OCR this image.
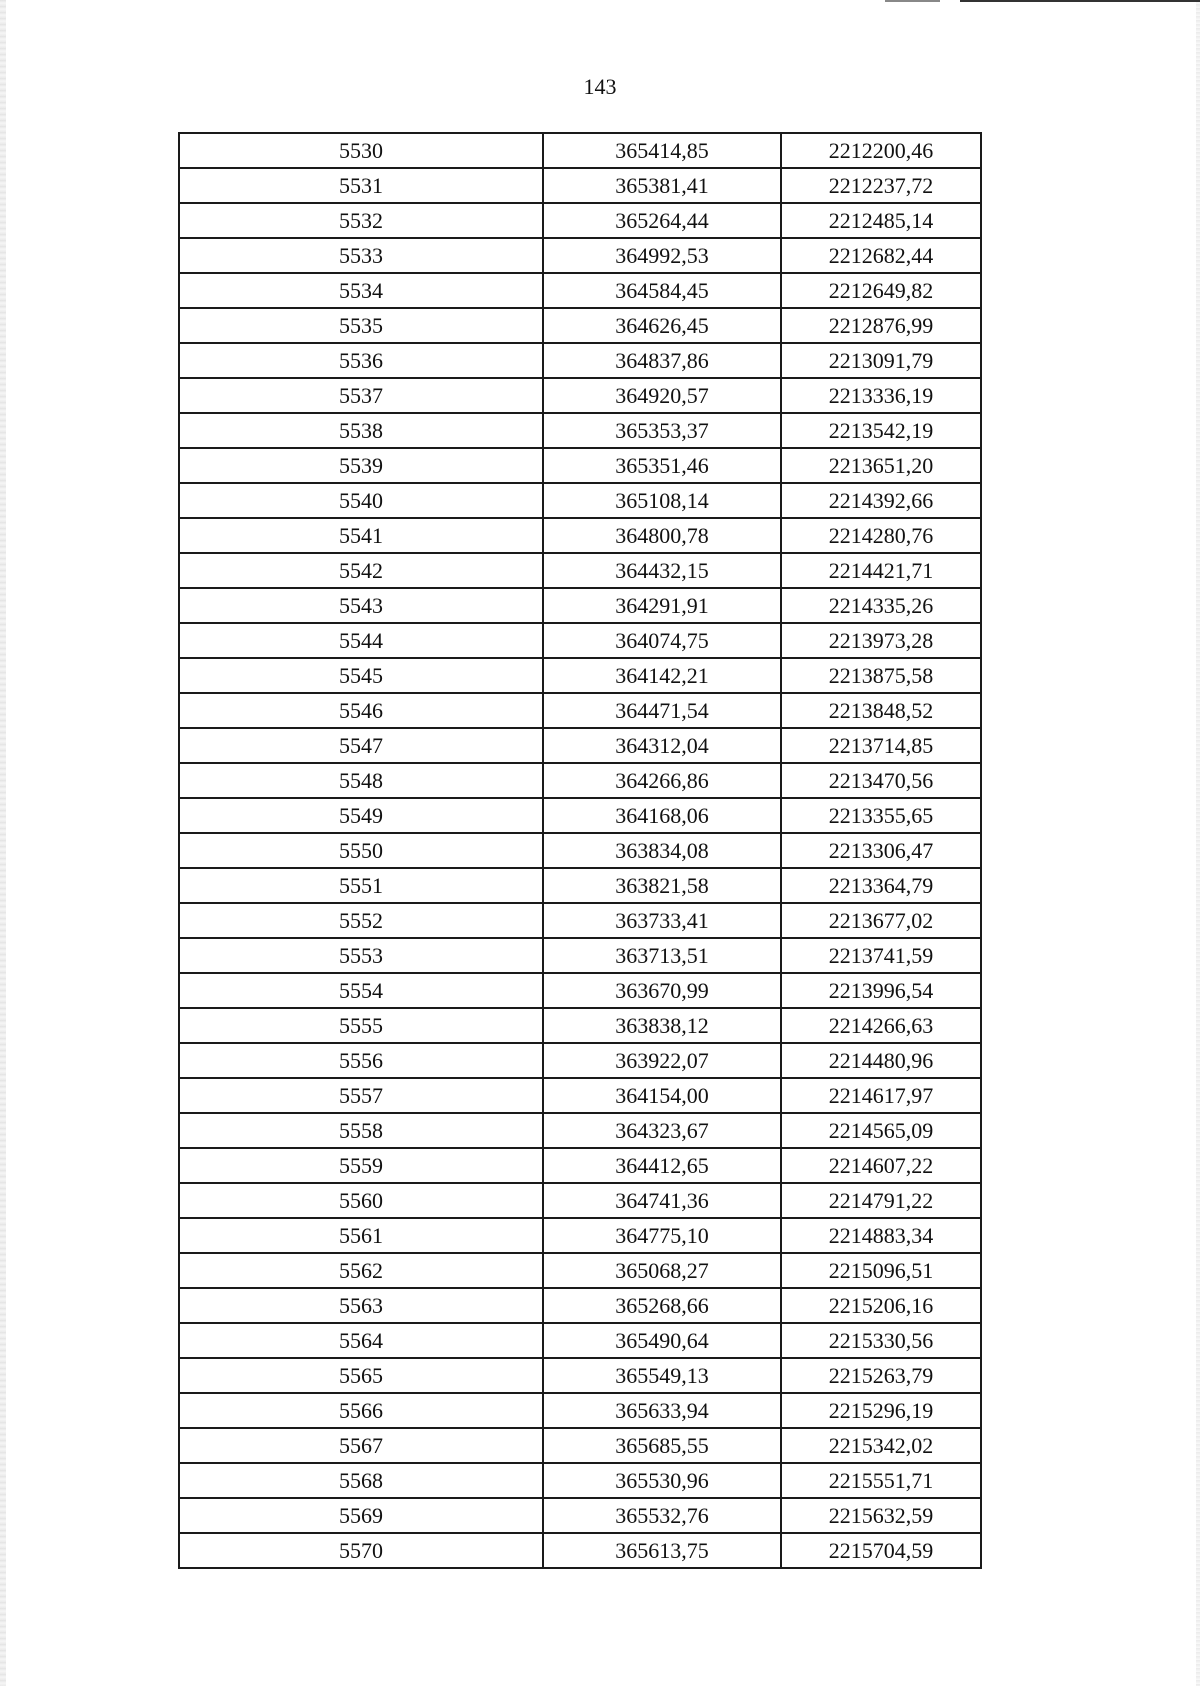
143
5530	365414,85	2212200,46
5531	365381,41	2212237,72
5532	365264,44	2212485,14
5533	364992,53	2212682,44
5534	364584,45	2212649,82
5535	364626,45	2212876,99
5536	364837,86	2213091,79
5537	364920,57	2213336,19
5538	365353,37	2213542,19
5539	365351,46	2213651,20
5540	365108,14	2214392,66
5541	364800,78	2214280,76
5542	364432,15	2214421,71
5543	364291,91	2214335,26
5544	364074,75	2213973,28
5545	364142,21	2213875,58
5546	364471,54	2213848,52
5547	364312,04	2213714,85
5548	364266,86	2213470,56
5549	364168,06	2213355,65
5550	363834,08	2213306,47
5551	363821,58	2213364,79
5552	363733,41	2213677,02
5553	363713,51	2213741,59
5554	363670,99	2213996,54
5555	363838,12	2214266,63
5556	363922,07	2214480,96
5557	364154,00	2214617,97
5558	364323,67	2214565,09
5559	364412,65	2214607,22
5560	364741,36	2214791,22
5561	364775,10	2214883,34
5562	365068,27	2215096,51
5563	365268,66	2215206,16
5564	365490,64	2215330,56
5565	365549,13	2215263,79
5566	365633,94	2215296,19
5567	365685,55	2215342,02
5568	365530,96	2215551,71
5569	365532,76	2215632,59
5570	365613,75	2215704,59
